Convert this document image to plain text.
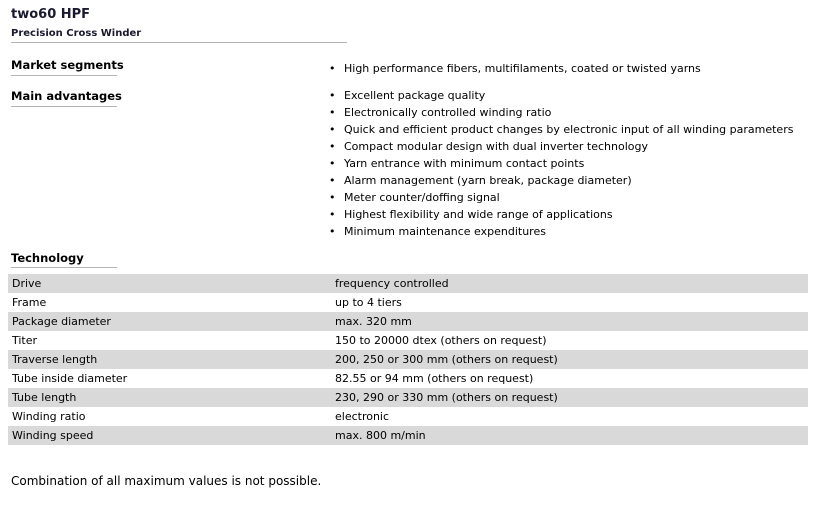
two60 HPF
Precision Cross Winder
Market segments	• High performance fibers, multifilaments, coated or twisted yarns
Main advantages	• Excellent package quality
• Electronically controlled winding ratio
• Quick and efficient product changes by electronic input of all winding parameters
• Compact modular design with dual inverter technology
• Yarn entrance with minimum contact points
• Alarm management (yarn break, package diameter)
• Meter counter/doffing signal
• Highest flexibility and wide range of applications
• Minimum maintenance expenditures
Technology
Drive	frequency controlled
Frame	up to 4 tiers
Package diameter	max. 320 mm
Titer	150 to 20000 dtex (others on request)
Traverse length	200, 250 or 300 mm (others on request)
Tube inside diameter	82.55 or 94 mm (others on request)
Tube length	230, 290 or 330 mm (others on request)
Winding ratio	electronic
Winding speed	max. 800 m/min
Combination of all maximum values is not possible.
